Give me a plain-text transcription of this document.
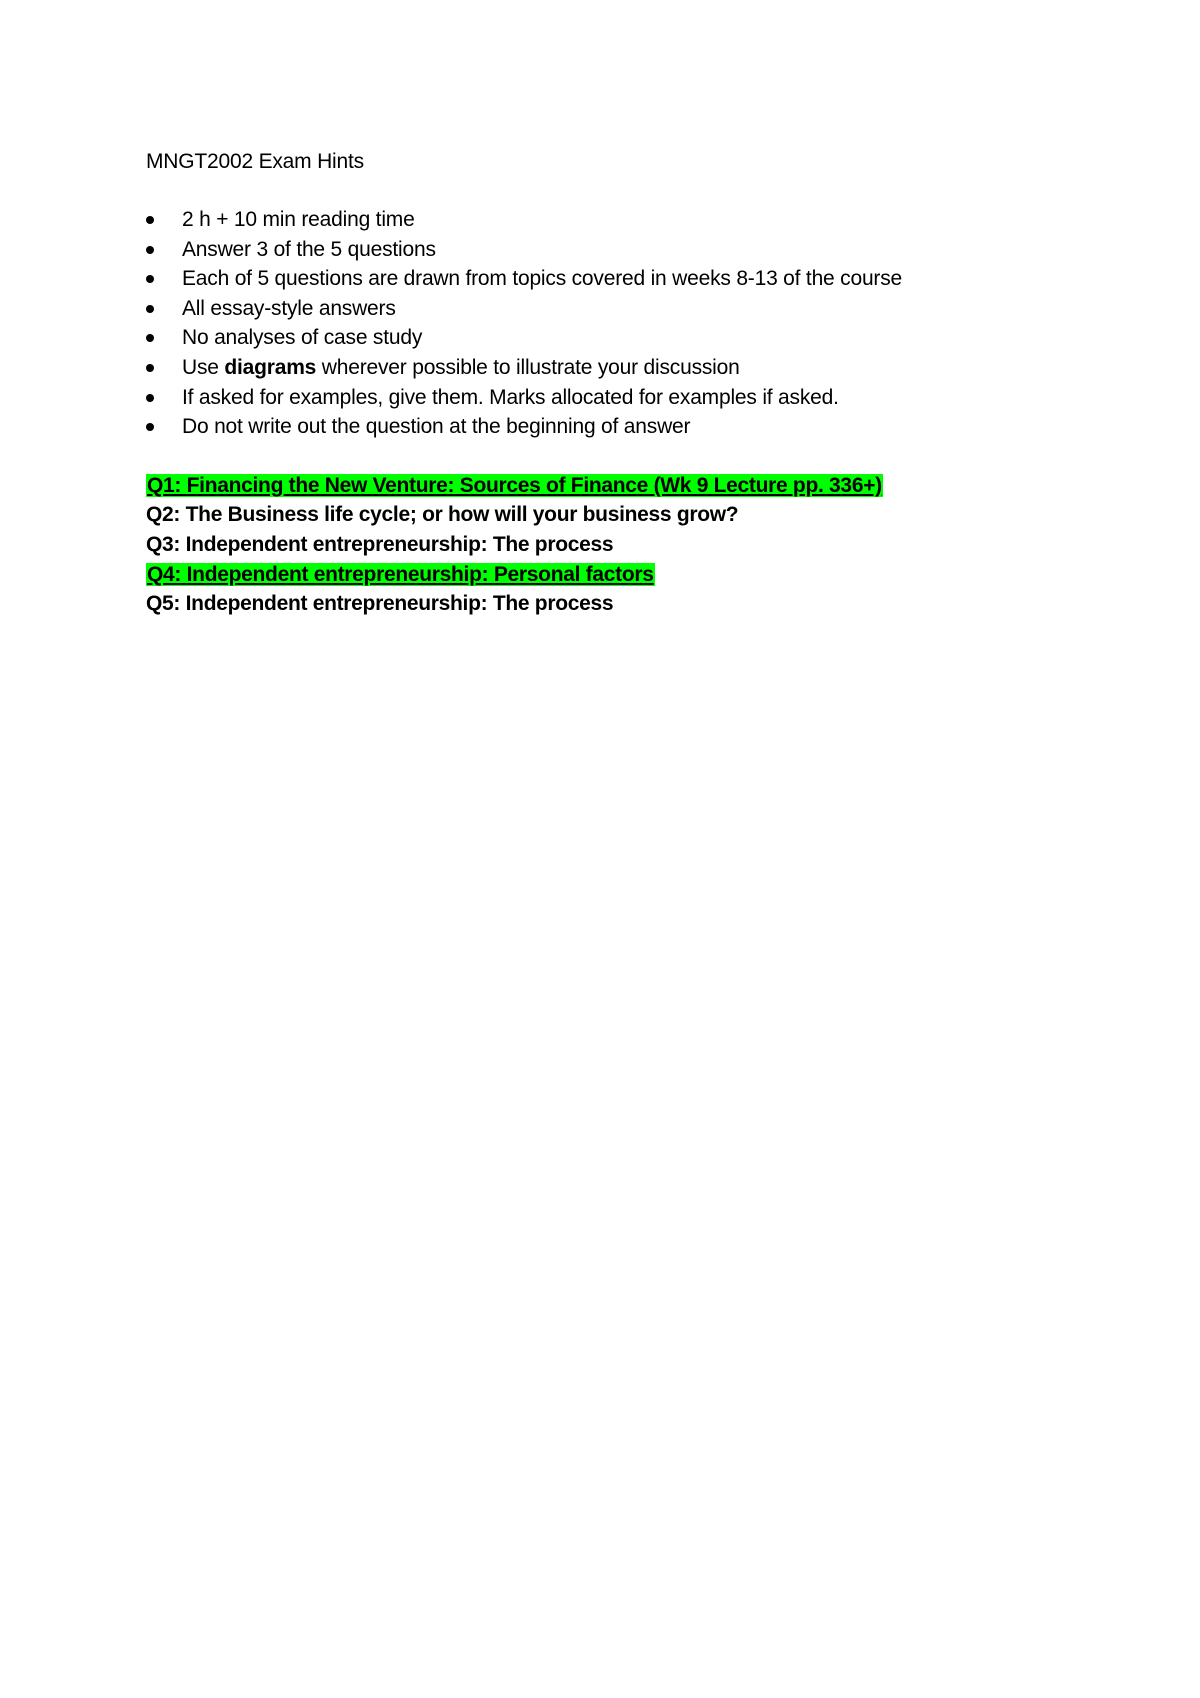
MNGT2002 Exam Hints
2 h + 10 min reading time
Answer 3 of the 5 questions
Each of 5 questions are drawn from topics covered in weeks 8-13 of the course
All essay-style answers
No analyses of case study
Use diagrams wherever possible to illustrate your discussion
If asked for examples, give them. Marks allocated for examples if asked.
Do not write out the question at the beginning of answer
Q1: Financing the New Venture: Sources of Finance (Wk 9 Lecture pp. 336+)
Q2: The Business life cycle; or how will your business grow?
Q3: Independent entrepreneurship: The process
Q4: Independent entrepreneurship: Personal factors
Q5: Independent entrepreneurship: The process
